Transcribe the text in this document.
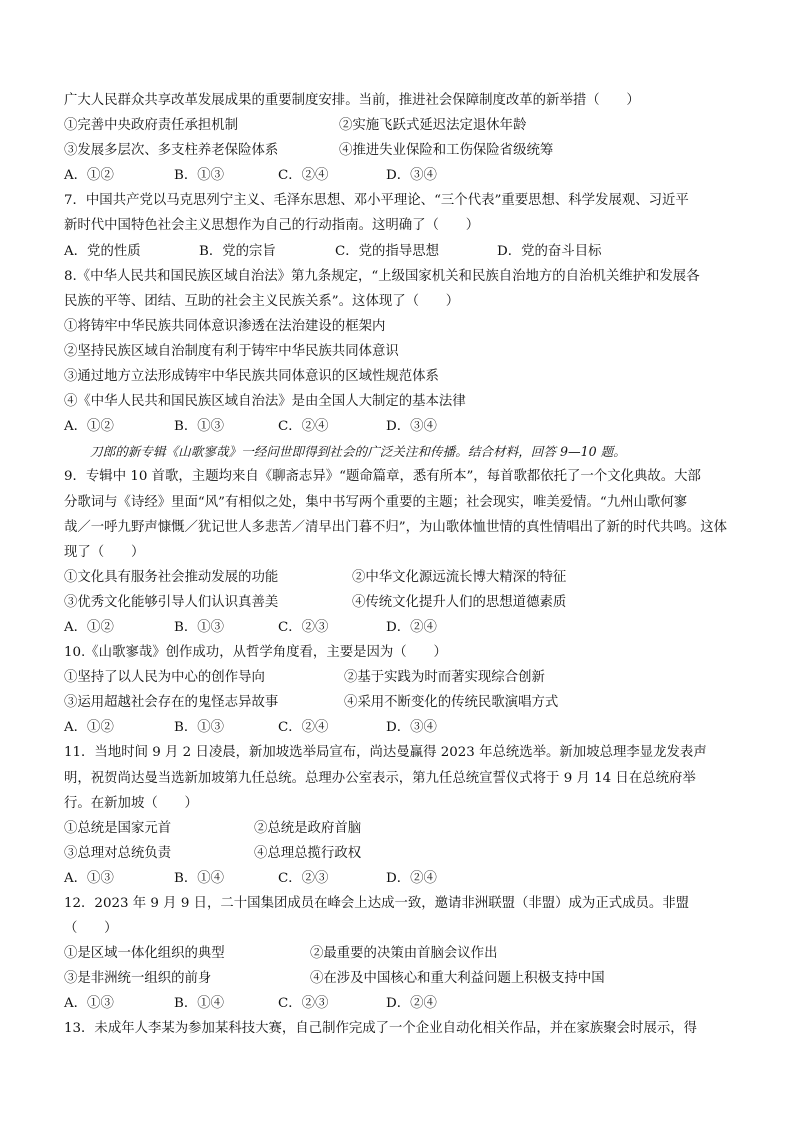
广大人民群众共享改革发展成果的重要制度安排。当前，推进社会保障制度改革的新举措（　　）
①完善中央政府责任承担机制	②实施飞跃式延迟法定退休年龄
③发展多层次、多支柱养老保险体系	④推进失业保险和工伤保险省级统筹
A．①②	B．①③	C．②④	D．③④
7．中国共产党以马克思列宁主义、毛泽东思想、邓小平理论、“三个代表”重要思想、科学发展观、习近平
新时代中国特色社会主义思想作为自己的行动指南。这明确了（　　）
A．党的性质	B．党的宗旨	C．党的指导思想	D．党的奋斗目标
8.《中华人民共和国民族区域自治法》第九条规定，“上级国家机关和民族自治地方的自治机关维护和发展各
民族的平等、团结、互助的社会主义民族关系”。这体现了（　　）
①将铸牢中华民族共同体意识渗透在法治建设的框架内
②坚持民族区域自治制度有利于铸牢中华民族共同体意识
③通过地方立法形成铸牢中华民族共同体意识的区域性规范体系
④《中华人民共和国民族区域自治法》是由全国人大制定的基本法律
A．①②	B．①③	C．②④	D．③④
刀郎的新专辑《山歌寥哉》一经问世即得到社会的广泛关注和传播。结合材料，回答 9—10 题。
9．专辑中 10 首歌，主题均来自《聊斋志异》“题命篇章，悉有所本”，每首歌都依托了一个文化典故。大部
分歌词与《诗经》里面“风”有相似之处，集中书写两个重要的主题；社会现实，唯美爱情。“九州山歌何寥
哉／一呼九野声慷慨／犹记世人多悲苦／清早出门暮不归”，为山歌体恤世情的真性情唱出了新的时代共鸣。这体
现了（　　）
①文化具有服务社会推动发展的功能	②中华文化源远流长博大精深的特征
③优秀文化能够引导人们认识真善美	④传统文化提升人们的思想道德素质
A．①②	B．①③	C．②③	D．②④
10.《山歌寥哉》创作成功，从哲学角度看，主要是因为（　　）
①坚持了以人民为中心的创作导向	②基于实践为时而著实现综合创新
③运用超越社会存在的鬼怪志异故事	④采用不断变化的传统民歌演唱方式
A．①②	B．①③	C．②④	D．③④
11．当地时间 9 月 2 日凌晨，新加坡选举局宣布，尚达曼赢得 2023 年总统选举。新加坡总理李显龙发表声
明，祝贺尚达曼当选新加坡第九任总统。总理办公室表示，第九任总统宣誓仪式将于 9 月 14 日在总统府举
行。在新加坡（　　）
①总统是国家元首	②总统是政府首脑
③总理对总统负责	④总理总揽行政权
A．①③	B．①④	C．②③	D．②④
12．2023 年 9 月 9 日，二十国集团成员在峰会上达成一致，邀请非洲联盟（非盟）成为正式成员。非盟
（　　）
①是区域一体化组织的典型	②最重要的决策由首脑会议作出
③是非洲统一组织的前身	④在涉及中国核心和重大利益问题上积极支持中国
A．①③	B．①④	C．②③	D．②④
13．未成年人李某为参加某科技大赛，自己制作完成了一个企业自动化相关作品，并在家族聚会时展示，得
